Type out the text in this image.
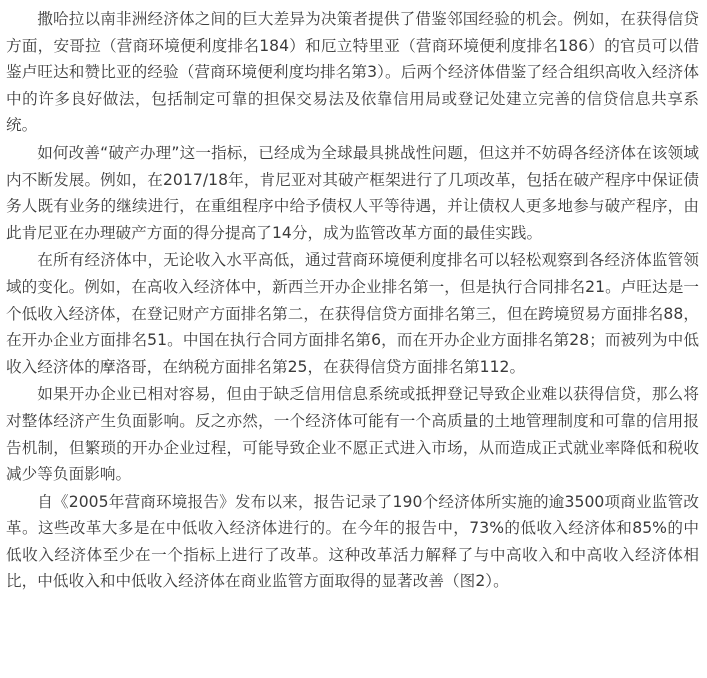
撒哈拉以南非洲经济体之间的巨大差异为决策者提供了借鉴邻国经验的机会。例如，在获得信贷方面，安哥拉（营商环境便利度排名184）和厄立特里亚（营商环境便利度排名186）的官员可以借鉴卢旺达和赞比亚的经验（营商环境便利度均排名第3）。后两个经济体借鉴了经合组织高收入经济体中的许多良好做法，包括制定可靠的担保交易法及依靠信用局或登记处建立完善的信贷信息共享系统。

如何改善“破产办理”这一指标，已经成为全球最具挑战性问题，但这并不妨碍各经济体在该领域内不断发展。例如，在2017/18年，肯尼亚对其破产框架进行了几项改革，包括在破产程序中保证债务人既有业务的继续进行，在重组程序中给予债权人平等待遇，并让债权人更多地参与破产程序，由此肯尼亚在办理破产方面的得分提高了14分，成为监管改革方面的最佳实践。

在所有经济体中，无论收入水平高低，通过营商环境便利度排名可以轻松观察到各经济体监管领域的变化。例如，在高收入经济体中，新西兰开办企业排名第一，但是执行合同排名21。卢旺达是一个低收入经济体，在登记财产方面排名第二，在获得信贷方面排名第三，但在跨境贸易方面排名88，在开办企业方面排名51。中国在执行合同方面排名第6，而在开办企业方面排名第28；而被列为中低收入经济体的摩洛哥，在纳税方面排名第25，在获得信贷方面排名第112。

如果开办企业已相对容易，但由于缺乏信用信息系统或抵押登记导致企业难以获得信贷，那么将对整体经济产生负面影响。反之亦然，一个经济体可能有一个高质量的土地管理制度和可靠的信用报告机制，但繁琐的开办企业过程，可能导致企业不愿正式进入市场，从而造成正式就业率降低和税收减少等负面影响。

自《2005年营商环境报告》发布以来，报告记录了190个经济体所实施的逾3500项商业监管改革。这些改革大多是在中低收入经济体进行的。在今年的报告中，73%的低收入经济体和85%的中低收入经济体至少在一个指标上进行了改革。这种改革活力解释了与中高收入和中高收入经济体相比，中低收入和中低收入经济体在商业监管方面取得的显著改善（图2）。
